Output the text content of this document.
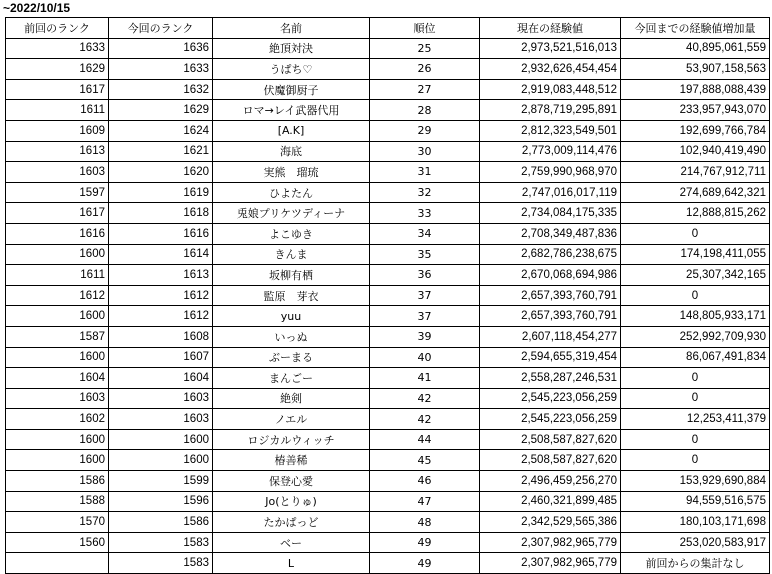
~2022/10/15
前回のランク	今回のランク	名前	順位	現在の経験値	今回までの経験値増加量
1633	1636	絶頂対決	25	2,973,521,516,013	40,895,061,559
1629	1633	うぱち♡	26	2,932,626,454,454	53,907,158,563
1617	1632	伏魔御厨子	27	2,919,083,448,512	197,888,088,439
1611	1629	ロマ→レイ武器代用	28	2,878,719,295,891	233,957,943,070
1609	1624	[A.K]	29	2,812,323,549,501	192,699,766,784
1613	1621	海底	30	2,773,009,114,476	102,940,419,490
1603	1620	実熊　瑠琉	31	2,759,990,968,970	214,767,912,711
1597	1619	ひよたん	32	2,747,016,017,119	274,689,642,321
1617	1618	兎娘プリケツディーナ	33	2,734,084,175,335	12,888,815,262
1616	1616	よこゆき	34	2,708,349,487,836	0
1600	1614	きんま	35	2,682,786,238,675	174,198,411,055
1611	1613	坂柳有栖	36	2,670,068,694,986	25,307,342,165
1612	1612	監原　芽衣	37	2,657,393,760,791	0
1600	1612	yuu	37	2,657,393,760,791	148,805,933,171
1587	1608	いっぬ	39	2,607,118,454,277	252,992,709,930
1600	1607	ぶーまる	40	2,594,655,319,454	86,067,491,834
1604	1604	まんごー	41	2,558,287,246,531	0
1603	1603	絶剣	42	2,545,223,056,259	0
1602	1603	ノエル	42	2,545,223,056,259	12,253,411,379
1600	1600	ロジカルウィッチ	44	2,508,587,827,620	0
1600	1600	椿善稀	45	2,508,587,827,620	0
1586	1599	保登心愛	46	2,496,459,256,270	153,929,690,884
1588	1596	Jo(とりゅ)	47	2,460,321,899,485	94,559,516,575
1570	1586	たかぱっど	48	2,342,529,565,386	180,103,171,698
1560	1583	ベー	49	2,307,982,965,779	253,020,583,917
	1583	L	49	2,307,982,965,779	前回からの集計なし
